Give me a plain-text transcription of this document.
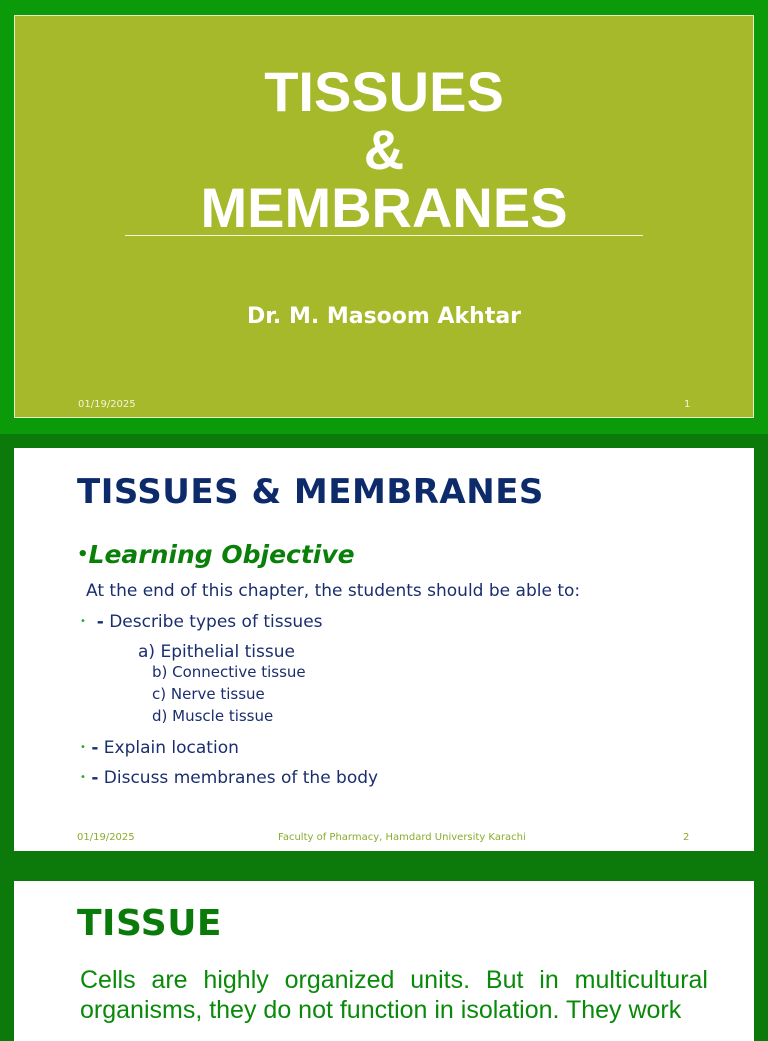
TISSUES
&
MEMBRANES
Dr. M. Masoom Akhtar
01/19/2025	1
TISSUES & MEMBRANES
•Learning Objective
At the end of this chapter, the students should be able to:
• - Describe types of tissues
a) Epithelial tissue
b) Connective tissue
c) Nerve tissue
d) Muscle tissue
• - Explain location
• - Discuss membranes of the body
01/19/2025	Faculty of Pharmacy, Hamdard University Karachi	2
TISSUE
Cells are highly organized units. But in multicultural organisms, they do not function in isolation. They work
